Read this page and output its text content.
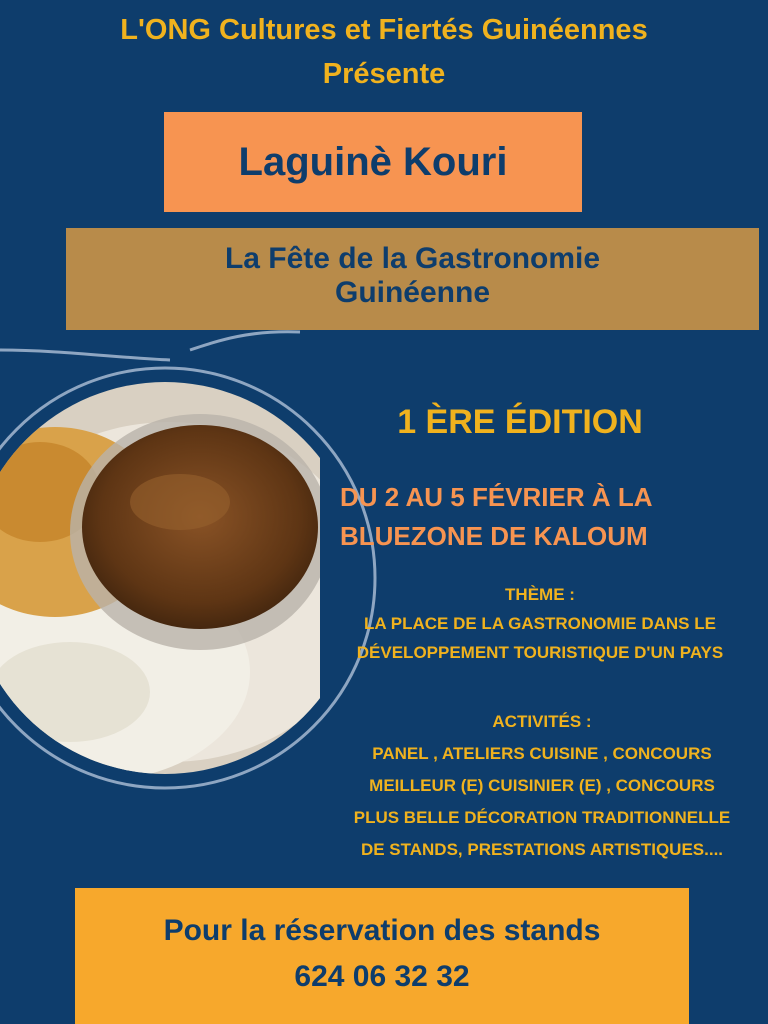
L'ONG Cultures et Fiertés Guinéennes
Présente
Laguinè Kouri
La Fête de la Gastronomie
Guinéenne
1 ÈRE ÉDITION
DU 2 AU 5 FÉVRIER À LA
BLUEZONE DE KALOUM
THÈME :
LA PLACE DE LA GASTRONOMIE DANS LE
DÉVELOPPEMENT TOURISTIQUE D'UN PAYS
ACTIVITÉS :
PANEL , ATELIERS CUISINE , CONCOURS
MEILLEUR (E) CUISINIER (E) , CONCOURS
PLUS BELLE DÉCORATION TRADITIONNELLE
DE STANDS, PRESTATIONS ARTISTIQUES....
Pour la réservation des stands
624 06 32 32
